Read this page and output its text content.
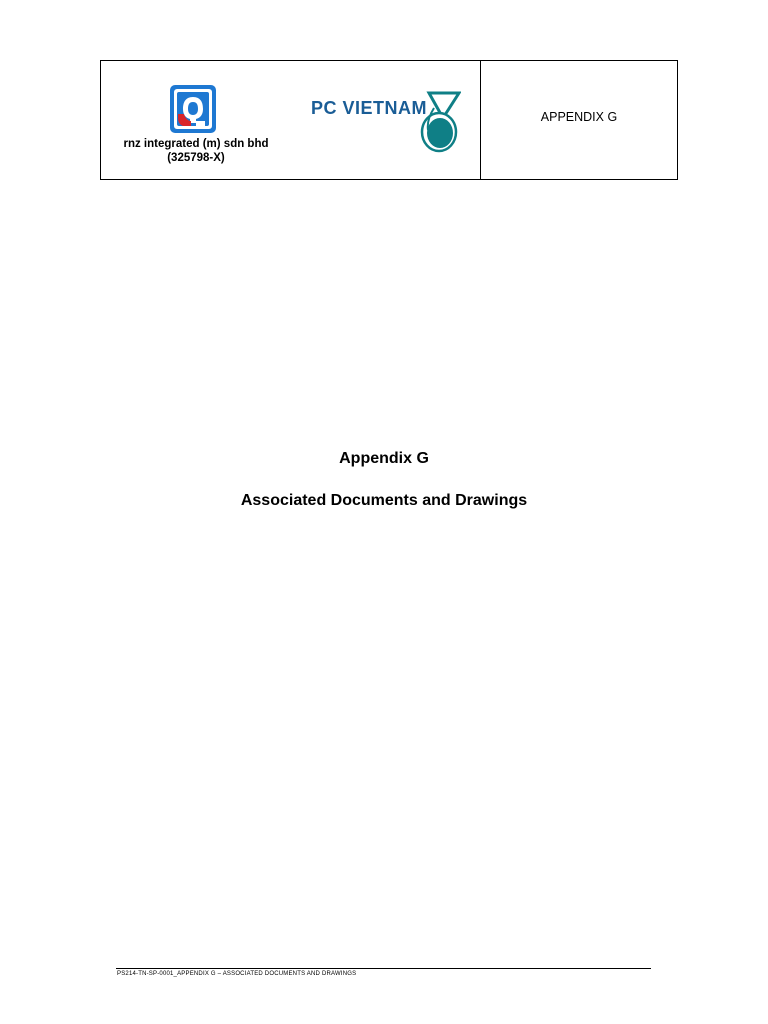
rnz integrated (m) sdn bhd
(325798-X)
PC VIETNAM	APPENDIX G
Appendix G
Associated Documents and Drawings
PS214-TN-SP-0001_APPENDIX G – ASSOCIATED DOCUMENTS AND DRAWINGS
